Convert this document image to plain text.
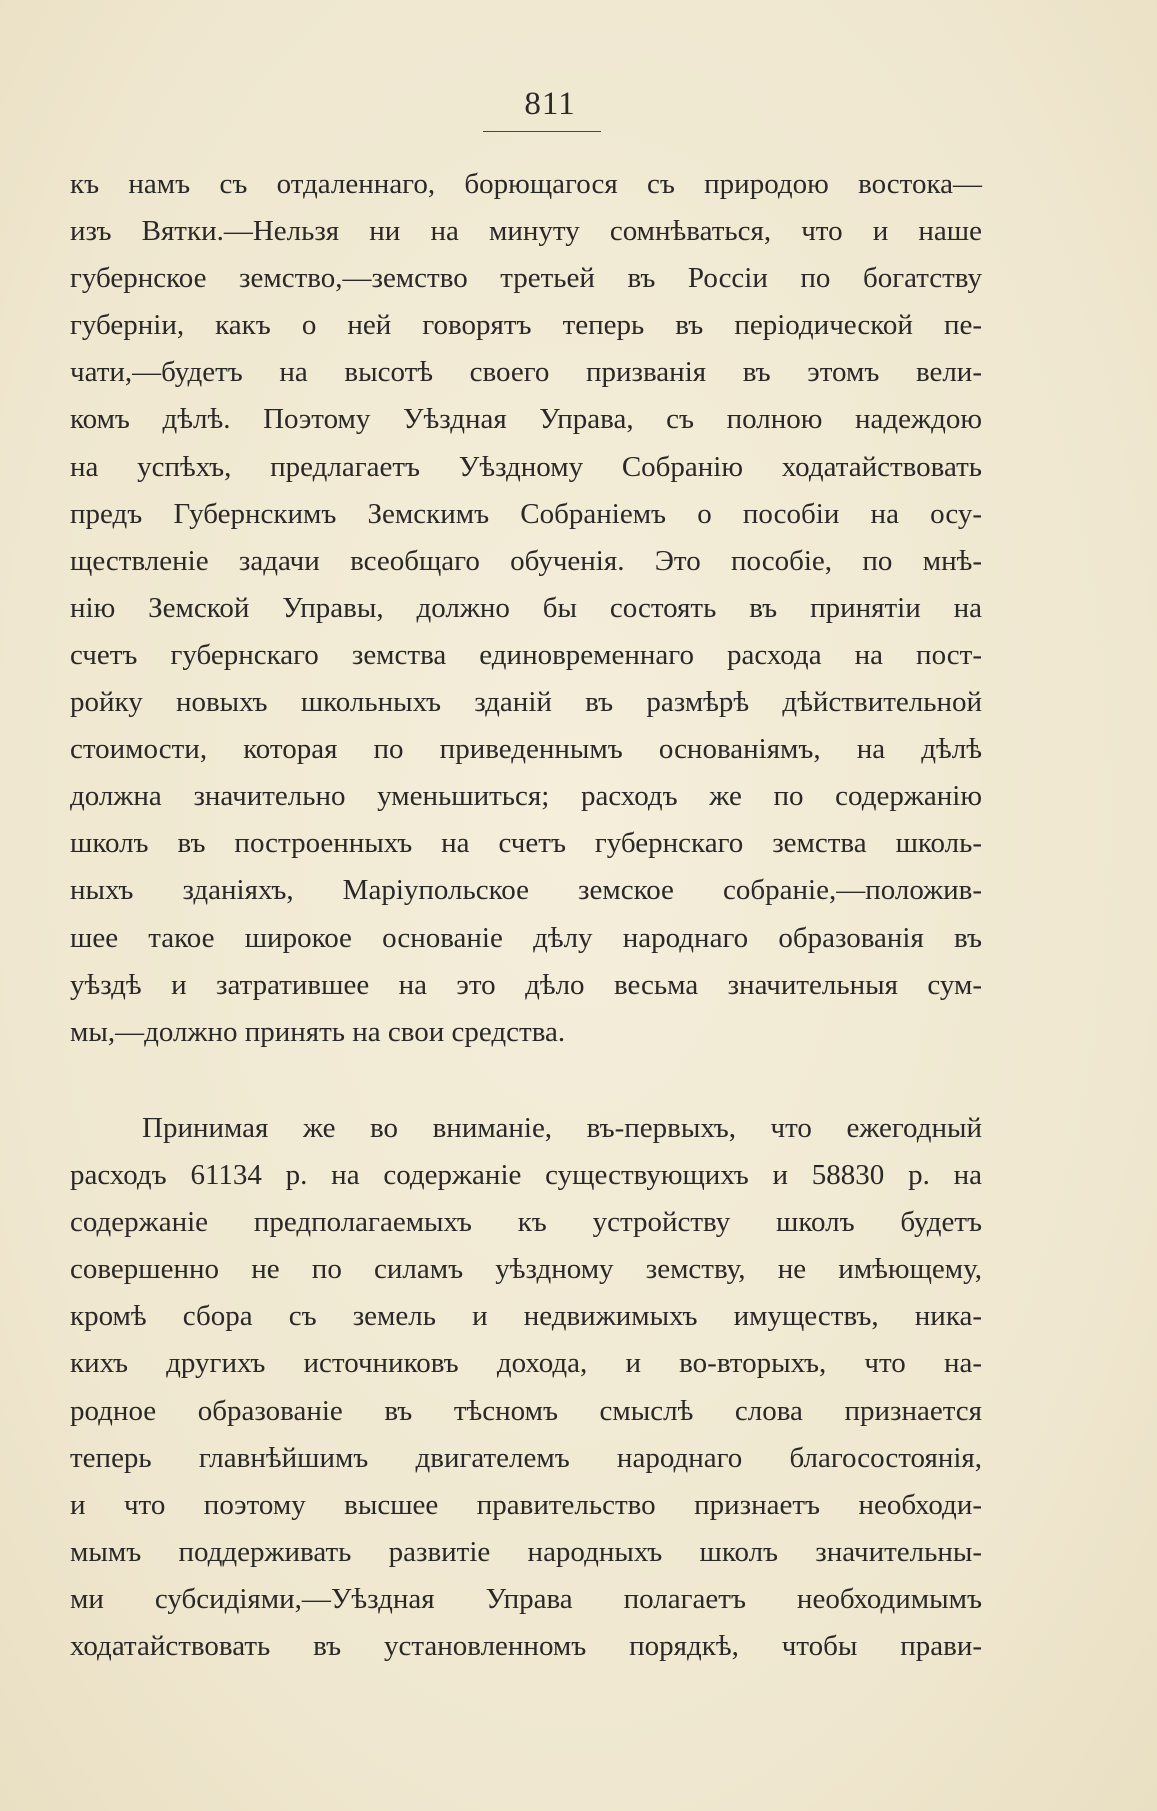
811
къ намъ съ отдаленнаго, борющагося съ природою востока—
изъ Вятки.—Нельзя ни на минуту сомнѣваться, что и наше
губернское земство,—земство третьей въ Россіи по богатству
губерніи, какъ о ней говорятъ теперь въ періодической пе-
чати,—будетъ на высотѣ своего призванія въ этомъ вели-
комъ дѣлѣ. Поэтому Уѣздная Управа, съ полною надеждою
на успѣхъ, предлагаетъ Уѣздному Собранію ходатайствовать
предъ Губернскимъ Земскимъ Собраніемъ о пособіи на осу-
ществленіе задачи всеобщаго обученія. Это пособіе, по мнѣ-
нію Земской Управы, должно бы состоять въ принятіи на
счетъ губернскаго земства единовременнаго расхода на пост-
ройку новыхъ школьныхъ зданій въ размѣрѣ дѣйствительной
стоимости, которая по приведеннымъ основаніямъ, на дѣлѣ
должна значительно уменьшиться; расходъ же по содержанію
школъ въ построенныхъ на счетъ губернскаго земства школь-
ныхъ зданіяхъ, Маріупольское земское собраніе,—положив-
шее такое широкое основаніе дѣлу народнаго образованія въ
уѣздѣ и затратившее на это дѣло весьма значительныя сум-
мы,—должно принять на свои средства.
Принимая же во вниманіе, въ-первыхъ, что ежегодный
расходъ 61134 р. на содержаніе существующихъ и 58830 р. на
содержаніе предполагаемыхъ къ устройству школъ будетъ
совершенно не по силамъ уѣздному земству, не имѣющему,
кромѣ сбора съ земель и недвижимыхъ имуществъ, ника-
кихъ другихъ источниковъ дохода, и во-вторыхъ, что на-
родное образованіе въ тѣсномъ смыслѣ слова признается
теперь главнѣйшимъ двигателемъ народнаго благосостоянія,
и что поэтому высшее правительство признаетъ необходи-
мымъ поддерживать развитіе народныхъ школъ значительны-
ми субсидіями,—Уѣздная Управа полагаетъ необходимымъ
ходатайствовать въ установленномъ порядкѣ, чтобы прави-
